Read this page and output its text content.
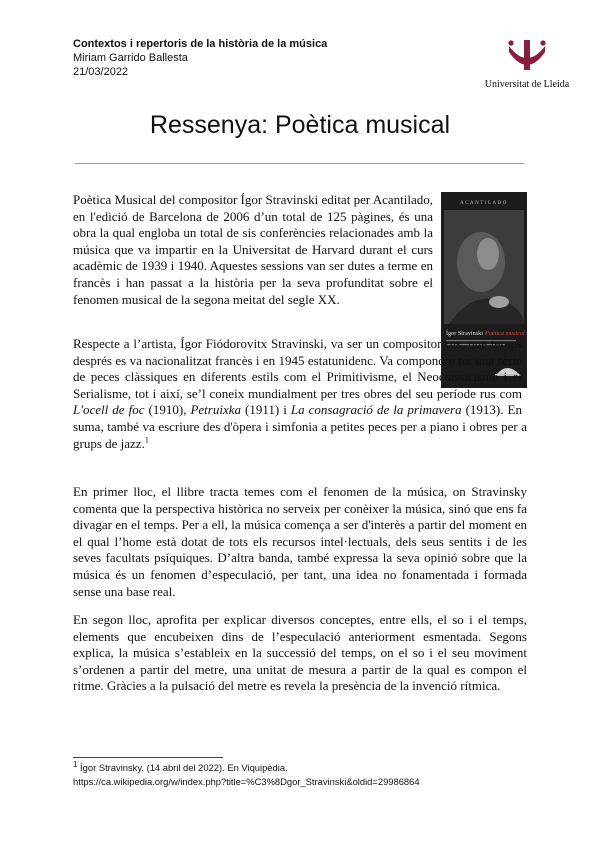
Contextos i repertoris de la història de la música
Miriam Garrido Ballesta
21/03/2022
Universitat de Lleida
Ressenya: Poètica musical

Poètica Musical del compositor Ígor Stravinski editat per Acantilado, en l'edició de Barcelona de 2006 d’un total de 125 pàgines, és una obra la qual engloba un total de sis conferències relacionades amb la música que va impartir en la Universitat de Harvard durant el curs acadèmic de 1939 i 1940. Aquestes sessions van ser dutes a terme en francès i han passat a la història per la seva profunditat sobre el fenomen musical de la segona meitat del segle XX.

ACANTILADO
Ígor Stravinski Poètica musical

Respecte a l’artista, Ígor Fiódorovitx Stravinski, va ser un compositor rus, que temps després es va nacionalitzat francès i en 1945 estatunidenc. Va compondre tot una sèrie de peces clàssiques en diferents estils com el Primitivisme, el Neoclassicisme i el Serialisme, tot i així, se’l coneix mundialment per tres obres del seu període rus com L'ocell de foc (1910), Petruixka (1911) i La consagració de la primavera (1913). En suma, també va escriure des d'òpera i simfonia a petites peces per a piano i obres per a grups de jazz.$^1$

En primer lloc, el llibre tracta temes com el fenomen de la música, on Stravinsky comenta que la perspectiva històrica no serveix per conèixer la música, sinó que ens fa divagar en el temps. Per a ell, la música comença a ser d'interès a partir del moment en el qual l’home està dotat de tots els recursos intel·lectuals, dels seus sentits i de les seves facultats psíquiques. D’altra banda, també expressa la seva opinió sobre que la música és un fenomen d’especulació, per tant, una idea no fonamentada i formada sense una base real.

En segon lloc, aprofita per explicar diversos conceptes, entre ells, el so i el temps, elements que encubeixen dins de l’especulació anteriorment esmentada. Segons explica, la música s’estableix en la successió del temps, on el so i el seu moviment s’ordenen a partir del metre, una unitat de mesura a partir de la qual es compon el ritme. Gràcies a la pulsació del metre es revela la presència de la invenció rítmica.

$^1$ Ígor Stravinsky. (14 abril del 2022). En Viquipèdia.
https://ca.wikipedia.org/w/index.php?title=%C3%8Dgor_Stravinski&oldid=29986864
